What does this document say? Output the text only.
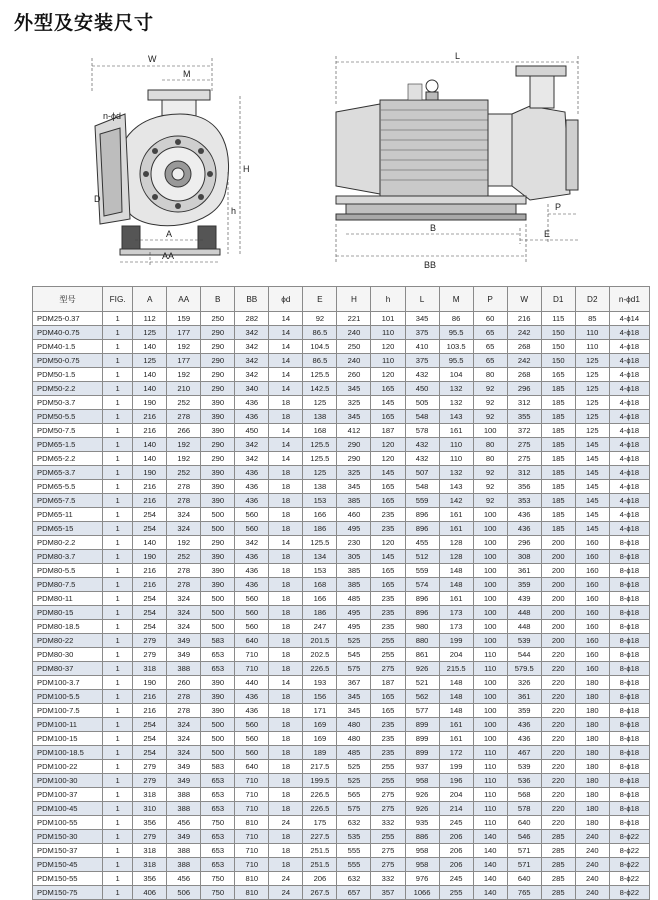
外型及安装尺寸
W
M
n-ϕd
D
H
h
A
AA
L
P
B
E
BB
型号	FIG.	A	AA	B	BB	ϕd	E	H	h	L	M	P	W	D1	D2	n-ϕd1
PDM25-0.37	1	112	159	250	282	14	92	221	101	345	86	60	216	115	85	4-ϕ14
PDM40-0.75	1	125	177	290	342	14	86.5	240	110	375	95.5	65	242	150	110	4-ϕ18
PDM40-1.5	1	140	192	290	342	14	104.5	250	120	410	103.5	65	268	150	110	4-ϕ18
PDM50-0.75	1	125	177	290	342	14	86.5	240	110	375	95.5	65	242	150	125	4-ϕ18
PDM50-1.5	1	140	192	290	342	14	125.5	260	120	432	104	80	268	165	125	4-ϕ18
PDM50-2.2	1	140	210	290	340	14	142.5	345	165	450	132	92	296	185	125	4-ϕ18
PDM50-3.7	1	190	252	390	436	18	125	325	145	505	132	92	312	185	125	4-ϕ18
PDM50-5.5	1	216	278	390	436	18	138	345	165	548	143	92	355	185	125	4-ϕ18
PDM50-7.5	1	216	266	390	450	14	168	412	187	578	161	100	372	185	125	4-ϕ18
PDM65-1.5	1	140	192	290	342	14	125.5	290	120	432	110	80	275	185	145	4-ϕ18
PDM65-2.2	1	140	192	290	342	14	125.5	290	120	432	110	80	275	185	145	4-ϕ18
PDM65-3.7	1	190	252	390	436	18	125	325	145	507	132	92	312	185	145	4-ϕ18
PDM65-5.5	1	216	278	390	436	18	138	345	165	548	143	92	356	185	145	4-ϕ18
PDM65-7.5	1	216	278	390	436	18	153	385	165	559	142	92	353	185	145	4-ϕ18
PDM65-11	1	254	324	500	560	18	166	460	235	896	161	100	436	185	145	4-ϕ18
PDM65-15	1	254	324	500	560	18	186	495	235	896	161	100	436	185	145	4-ϕ18
PDM80-2.2	1	140	192	290	342	14	125.5	230	120	455	128	100	296	200	160	8-ϕ18
PDM80-3.7	1	190	252	390	436	18	134	305	145	512	128	100	308	200	160	8-ϕ18
PDM80-5.5	1	216	278	390	436	18	153	385	165	559	148	100	361	200	160	8-ϕ18
PDM80-7.5	1	216	278	390	436	18	168	385	165	574	148	100	359	200	160	8-ϕ18
PDM80-11	1	254	324	500	560	18	166	485	235	896	161	100	439	200	160	8-ϕ18
PDM80-15	1	254	324	500	560	18	186	495	235	896	173	100	448	200	160	8-ϕ18
PDM80-18.5	1	254	324	500	560	18	247	495	235	980	173	100	448	200	160	8-ϕ18
PDM80-22	1	279	349	583	640	18	201.5	525	255	880	199	100	539	200	160	8-ϕ18
PDM80-30	1	279	349	653	710	18	202.5	545	255	861	204	110	544	220	160	8-ϕ18
PDM80-37	1	318	388	653	710	18	226.5	575	275	926	215.5	110	579.5	220	160	8-ϕ18
PDM100-3.7	1	190	260	390	440	14	193	367	187	521	148	100	326	220	180	8-ϕ18
PDM100-5.5	1	216	278	390	436	18	156	345	165	562	148	100	361	220	180	8-ϕ18
PDM100-7.5	1	216	278	390	436	18	171	345	165	577	148	100	359	220	180	8-ϕ18
PDM100-11	1	254	324	500	560	18	169	480	235	899	161	100	436	220	180	8-ϕ18
PDM100-15	1	254	324	500	560	18	169	480	235	899	161	100	436	220	180	8-ϕ18
PDM100-18.5	1	254	324	500	560	18	189	485	235	899	172	110	467	220	180	8-ϕ18
PDM100-22	1	279	349	583	640	18	217.5	525	255	937	199	110	539	220	180	8-ϕ18
PDM100-30	1	279	349	653	710	18	199.5	525	255	958	196	110	536	220	180	8-ϕ18
PDM100-37	1	318	388	653	710	18	226.5	565	275	926	204	110	568	220	180	8-ϕ18
PDM100-45	1	310	388	653	710	18	226.5	575	275	926	214	110	578	220	180	8-ϕ18
PDM100-55	1	356	456	750	810	24	175	632	332	935	245	110	640	220	180	8-ϕ18
PDM150-30	1	279	349	653	710	18	227.5	535	255	886	206	140	546	285	240	8-ϕ22
PDM150-37	1	318	388	653	710	18	251.5	555	275	958	206	140	571	285	240	8-ϕ22
PDM150-45	1	318	388	653	710	18	251.5	555	275	958	206	140	571	285	240	8-ϕ22
PDM150-55	1	356	456	750	810	24	206	632	332	976	245	140	640	285	240	8-ϕ22
PDM150-75	1	406	506	750	810	24	267.5	657	357	1066	255	140	765	285	240	8-ϕ22
